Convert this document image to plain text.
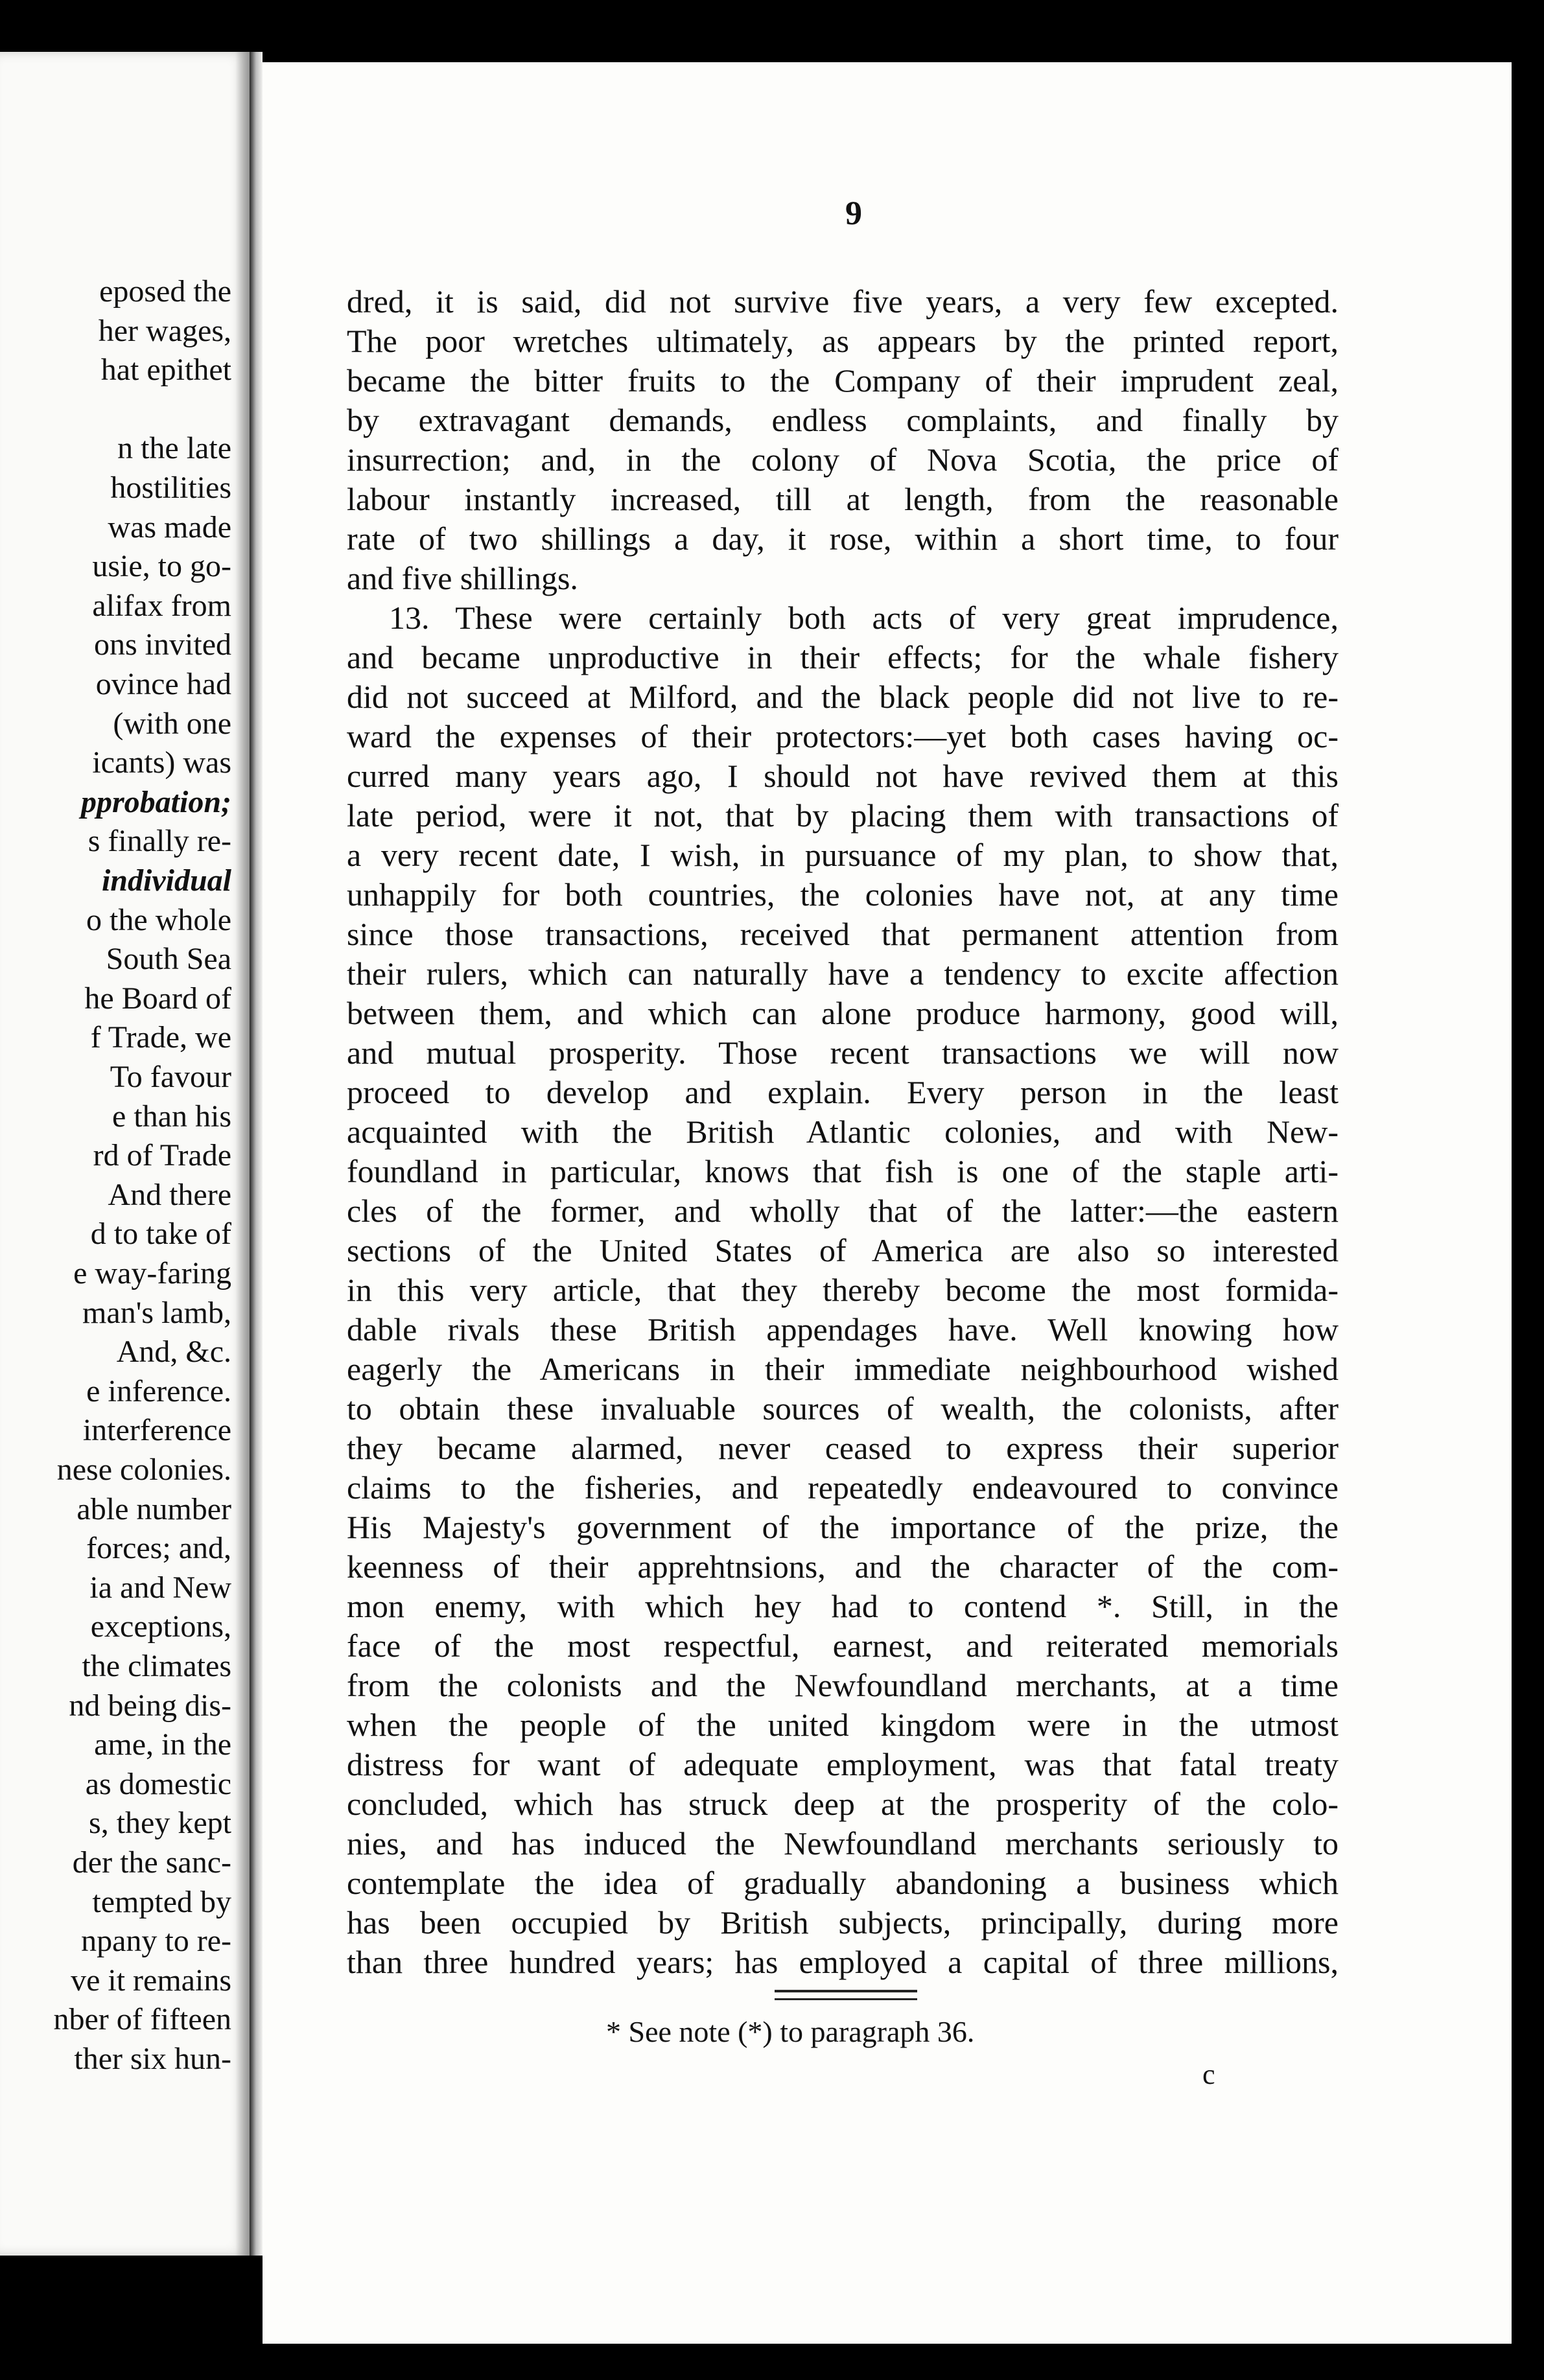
eposed the
her wages,
hat epithet
n the late
hostilities
was made
usie, to go-
alifax from
ons invited
ovince had
(with one
icants) was
pprobation;
s finally re-
individual
o the whole
South Sea
he Board of
f Trade, we
To favour
e than his
rd of Trade
And there
d to take of
e way-faring
man's lamb,
And, &c.
e inference.
interference
nese colonies.
able number
forces; and,
ia and New
exceptions,
the climates
nd being dis-
ame, in the
as domestic
s, they kept
der the sanc-
tempted by
npany to re-
ve it remains
nber of fifteen
ther six hun-
9
dred, it is said, did not survive five years, a very few excepted.
The poor wretches ultimately, as appears by the printed report,
became the bitter fruits to the Company of their imprudent zeal,
by extravagant demands, endless complaints, and finally by
insurrection; and, in the colony of Nova Scotia, the price of
labour instantly increased, till at length, from the reasonable
rate of two shillings a day, it rose, within a short time, to four
and five shillings.
13. These were certainly both acts of very great imprudence,
and became unproductive in their effects; for the whale fishery
did not succeed at Milford, and the black people did not live to re-
ward the expenses of their protectors:—yet both cases having oc-
curred many years ago, I should not have revived them at this
late period, were it not, that by placing them with transactions of
a very recent date, I wish, in pursuance of my plan, to show that,
unhappily for both countries, the colonies have not, at any time
since those transactions, received that permanent attention from
their rulers, which can naturally have a tendency to excite affection
between them, and which can alone produce harmony, good will,
and mutual prosperity. Those recent transactions we will now
proceed to develop and explain. Every person in the least
acquainted with the British Atlantic colonies, and with New-
foundland in particular, knows that fish is one of the staple arti-
cles of the former, and wholly that of the latter:—the eastern
sections of the United States of America are also so interested
in this very article, that they thereby become the most formida-
dable rivals these British appendages have. Well knowing how
eagerly the Americans in their immediate neighbourhood wished
to obtain these invaluable sources of wealth, the colonists, after
they became alarmed, never ceased to express their superior
claims to the fisheries, and repeatedly endeavoured to convince
His Majesty's government of the importance of the prize, the
keenness of their apprehtnsions, and the character of the com-
mon enemy, with which hey had to contend *. Still, in the
face of the most respectful, earnest, and reiterated memorials
from the colonists and the Newfoundland merchants, at a time
when the people of the united kingdom were in the utmost
distress for want of adequate employment, was that fatal treaty
concluded, which has struck deep at the prosperity of the colo-
nies, and has induced the Newfoundland merchants seriously to
contemplate the idea of gradually abandoning a business which
has been occupied by British subjects, principally, during more
than three hundred years; has employed a capital of three millions,
* See note (*) to paragraph 36.
c
